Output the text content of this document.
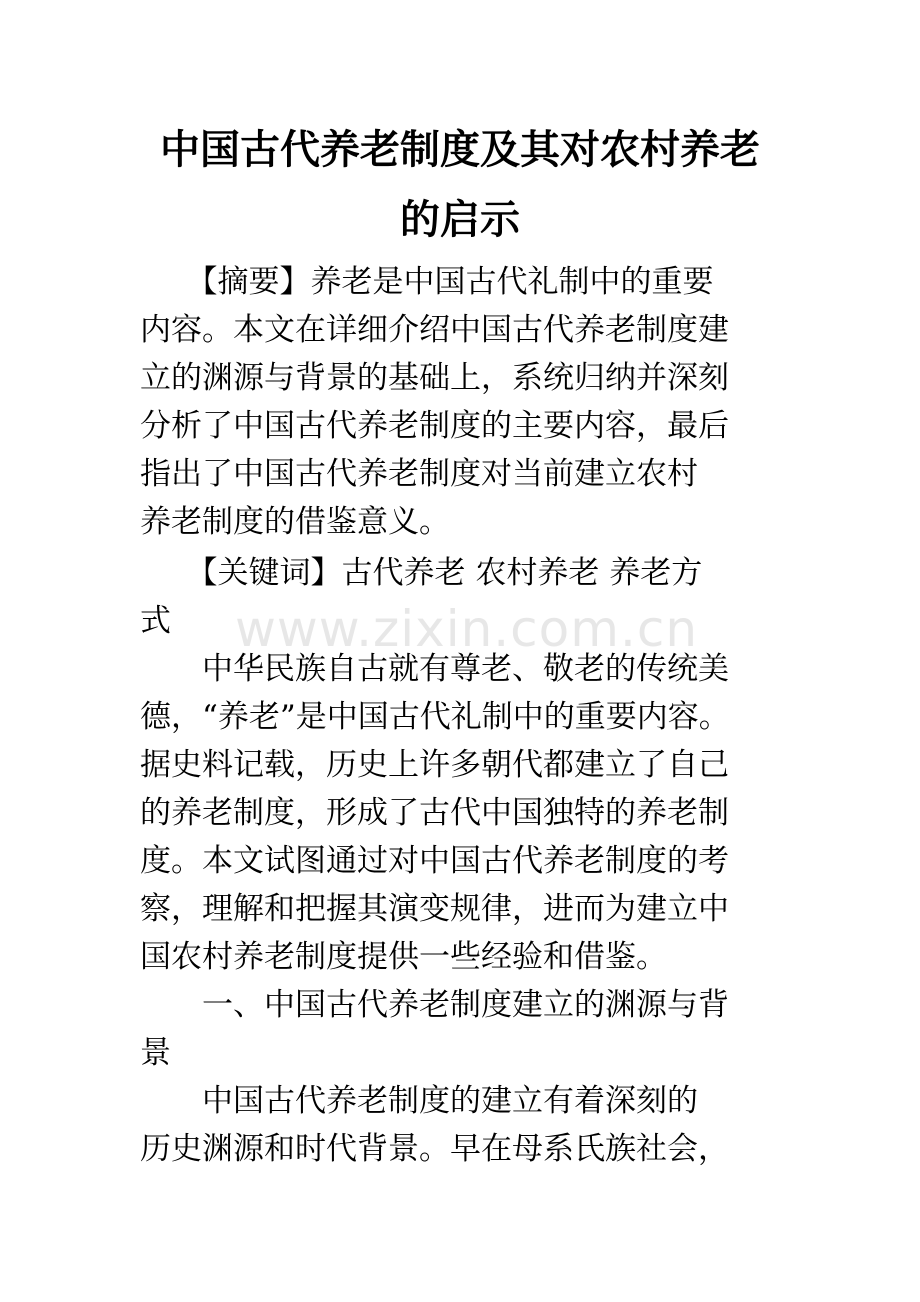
中国古代养老制度及其对农村养老
的启示
　　【摘要】养老是中国古代礼制中的重要
内容。本文在详细介绍中国古代养老制度建
立的渊源与背景的基础上，系统归纳并深刻
分析了中国古代养老制度的主要内容，最后
指出了中国古代养老制度对当前建立农村
养老制度的借鉴意义。
　　【关键词】古代养老 农村养老 养老方
式
　　中华民族自古就有尊老、敬老的传统美
德，“养老”是中国古代礼制中的重要内容。
据史料记载，历史上许多朝代都建立了自己
的养老制度，形成了古代中国独特的养老制
度。本文试图通过对中国古代养老制度的考
察，理解和把握其演变规律，进而为建立中
国农村养老制度提供一些经验和借鉴。
　　一、中国古代养老制度建立的渊源与背
景
　　中国古代养老制度的建立有着深刻的
历史渊源和时代背景。早在母系氏族社会，
www.zixin.com.cn
